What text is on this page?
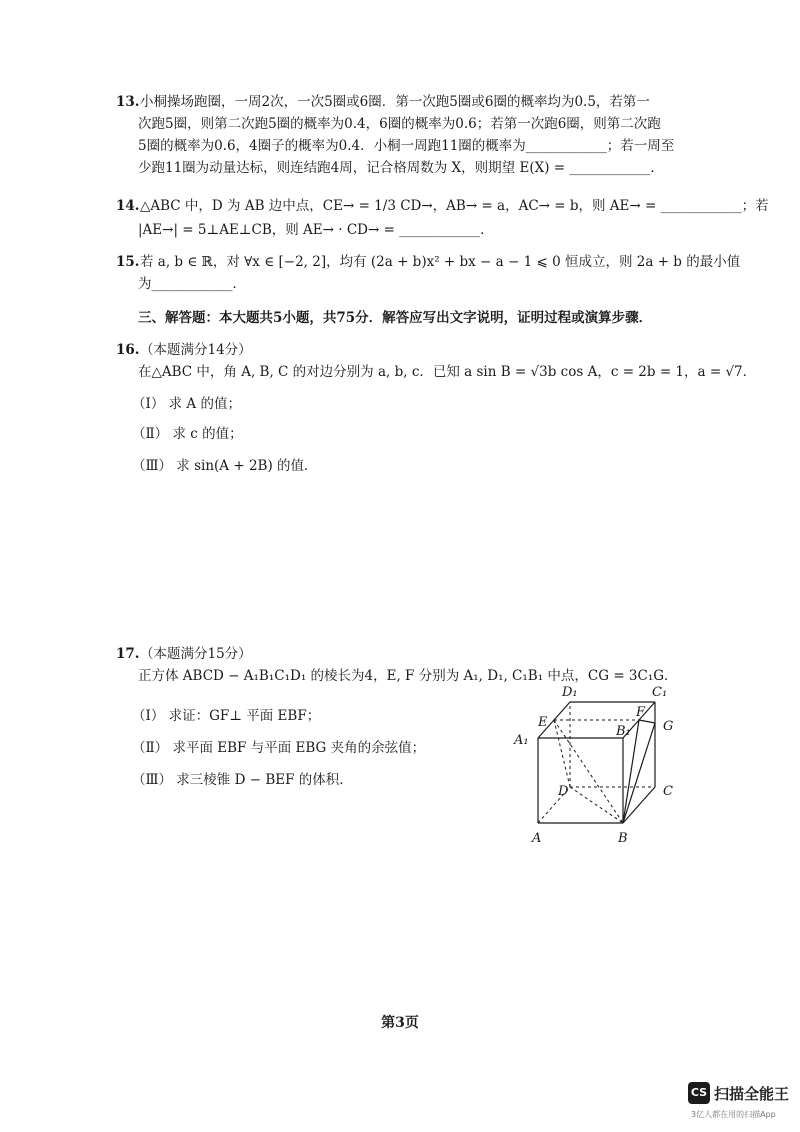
13.小桐操场跑圈，一周2次，一次5圈或6圈．第一次跑5圈或6圈的概率均为0.5，若第一
次跑5圈，则第二次跑5圈的概率为0.4，6圈的概率为0.6；若第一次跑6圈，则第二次跑
5圈的概率为0.6，4圈子的概率为0.4．小桐一周跑11圈的概率为____________；若一周至
少跑11圈为动量达标，则连结跑4周，记合格周数为 X，则期望 E(X) = ____________．
14.△ABC 中，D 为 AB 边中点，CE→ = 1/3 CD→，AB→ = a，AC→ = b，则 AE→ = ____________；若
|AE→| = 5⊥AE⊥CB，则 AE→ · CD→ = ____________．
15.若 a, b ∈ ℝ，对 ∀x ∈ [−2, 2]，均有 (2a + b)x² + bx − a − 1 ⩽ 0 恒成立，则 2a + b 的最小值
为____________．
三、解答题：本大题共5小题，共75分．解答应写出文字说明，证明过程或演算步骤．
16.（本题满分14分）
在△ABC 中，角 A, B, C 的对边分别为 a, b, c．已知 a sin B = √3b cos A，c = 2b = 1，a = √7．
（Ⅰ） 求 A 的值；
（Ⅱ） 求 c 的值；
（Ⅲ） 求 sin(A + 2B) 的值．
17.（本题满分15分）
正方体 ABCD − A₁B₁C₁D₁ 的棱长为4，E, F 分别为 A₁, D₁, C₁B₁ 中点，CG = 3C₁G．
（Ⅰ） 求证：GF⊥ 平面 EBF；
（Ⅱ） 求平面 EBF 与平面 EBG 夹角的余弦值；
（Ⅲ） 求三棱锥 D − BEF 的体积．
D₁	C₁
E
F
B₁ G
A₁
D	C
A	B
第3页
CS 扫描全能王
3亿人都在用的扫描App
